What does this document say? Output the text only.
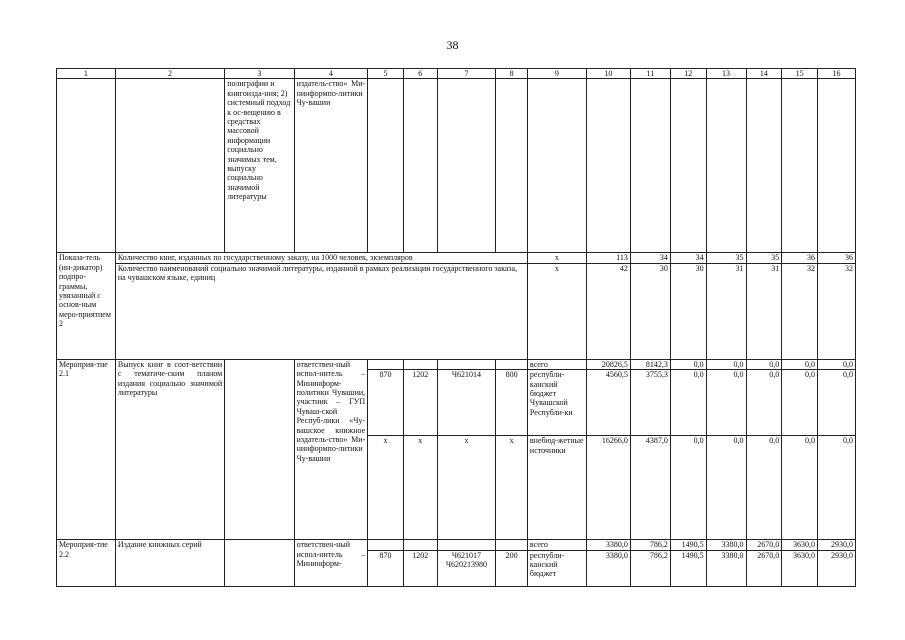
38
1	2	3	4	5	6	7	8	9	10	11	12	13	14	15	16
		полиграфии и книгоизда-ния; 2) системный подход к ос-вещению в средствах массовой информации социально значимых тем, выпуску социально значимой литературы	издатель-ство» Ми-нинформпо-литики Чу-вашии												
Показа-тель (ин-дикатор) подпро-граммы, увязанный с основ-ным меро-приятием 2	Количество книг, изданных по государственному заказу, на 1000 человек, экземпляров							х	113	34	34	35	35	36	36
	Количество наименований социально значимой литературы, изданной в рамках реализации государственного заказа, на чувашском языке, единиц							х	42	30	30	31	31	32	32
Мероприя-тие 2.1	Выпуск книг в соот-ветствии с тематиче-ским планом издания социально значимой литературы		ответствен-ный испол-нитель – Мининформ-политики Чувашии, участник – ГУП Чуваш-ской Респуб-лики «Чу-вашское книжное издатель-ство» Ми-нинформпо-литики Чу-вашии					всего	20826,5	8142,3	0,0	0,0	0,0	0,0	0,0
				870	1202	Ч621014	800	республи-канский бюджет Чувашской Республи-ки	4560,5	3755,3	0,0	0,0	0,0	0,0	0,0
				х	х	х	х	внебюд-жетные источники	16266,0	4387,0	0,0	0,0	0,0	0,0	0,0
Мероприя-тие 2.2	Издание книжных серий		ответствен-ный испол-нитель – Мининформ-					всего	3380,0	786,2	1490,5	3380,0	2670,0	3630,0	2930,0
				870	1202	Ч621017 Ч620213980	200	республи-канский бюджет	3380,0	786,2	1490,5	3380,0	2670,0	3630,0	2930,0
